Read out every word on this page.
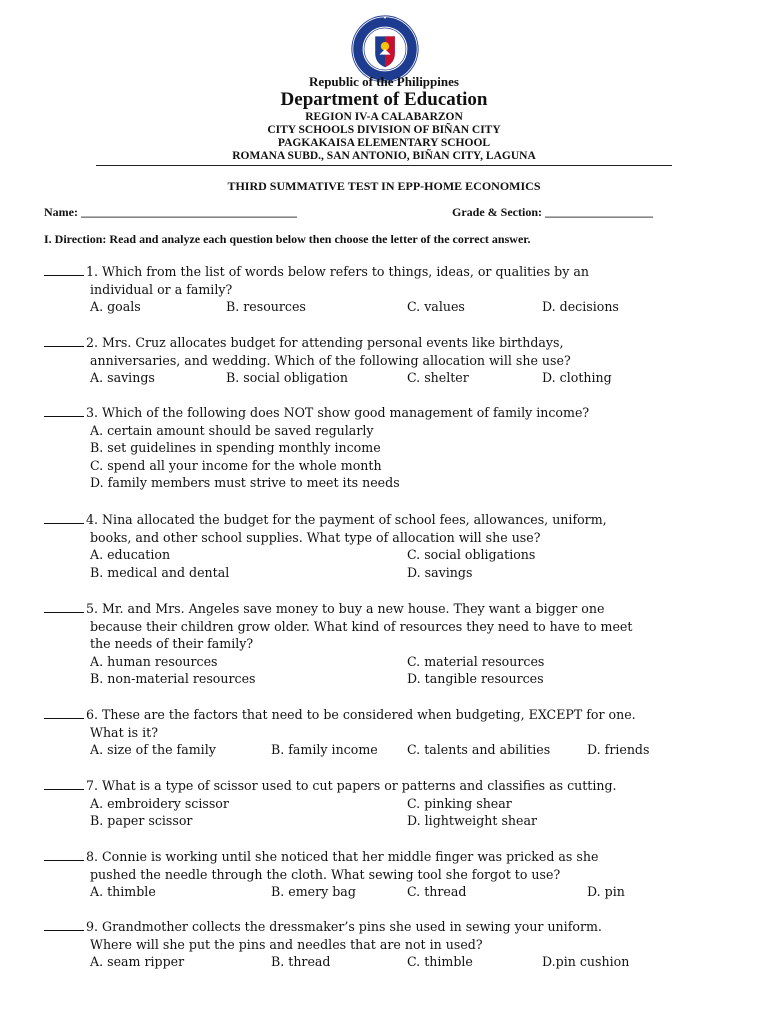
Republic of the Philippines
Department of Education
REGION IV-A CALABARZON
CITY SCHOOLS DIVISION OF BIÑAN CITY
PAGKAKAISA ELEMENTARY SCHOOL
ROMANA SUBD., SAN ANTONIO, BIÑAN CITY, LAGUNA
THIRD SUMMATIVE TEST IN EPP-HOME ECONOMICS
Name: ____________________________________	Grade & Section: __________________
I. Direction: Read and analyze each question below then choose the letter of the correct answer.
1. Which from the list of words below refers to things, ideas, or qualities by an
individual or a family?
A. goals	B. resources	C. values	D. decisions
2. Mrs. Cruz allocates budget for attending personal events like birthdays,
anniversaries, and wedding. Which of the following allocation will she use?
A. savings	B. social obligation	C. shelter	D. clothing
3. Which of the following does NOT show good management of family income?
A. certain amount should be saved regularly
B. set guidelines in spending monthly income
C. spend all your income for the whole month
D. family members must strive to meet its needs
4. Nina allocated the budget for the payment of school fees, allowances, uniform,
books, and other school supplies. What type of allocation will she use?
A. education	C. social obligations
B. medical and dental	D. savings
5. Mr. and Mrs. Angeles save money to buy a new house. They want a bigger one
because their children grow older. What kind of resources they need to have to meet
the needs of their family?
A. human resources	C. material resources
B. non-material resources	D. tangible resources
6. These are the factors that need to be considered when budgeting, EXCEPT for one.
What is it?
A. size of the family	B. family income C. talents and abilities	D. friends
7. What is a type of scissor used to cut papers or patterns and classifies as cutting.
A. embroidery scissor	C. pinking shear
B. paper scissor	D. lightweight shear
8. Connie is working until she noticed that her middle finger was pricked as she
pushed the needle through the cloth. What sewing tool she forgot to use?
A. thimble	B. emery bag	C. thread	D. pin
9. Grandmother collects the dressmaker’s pins she used in sewing your uniform.
Where will she put the pins and needles that are not in used?
A. seam ripper	B. thread	C. thimble	D.pin cushion
